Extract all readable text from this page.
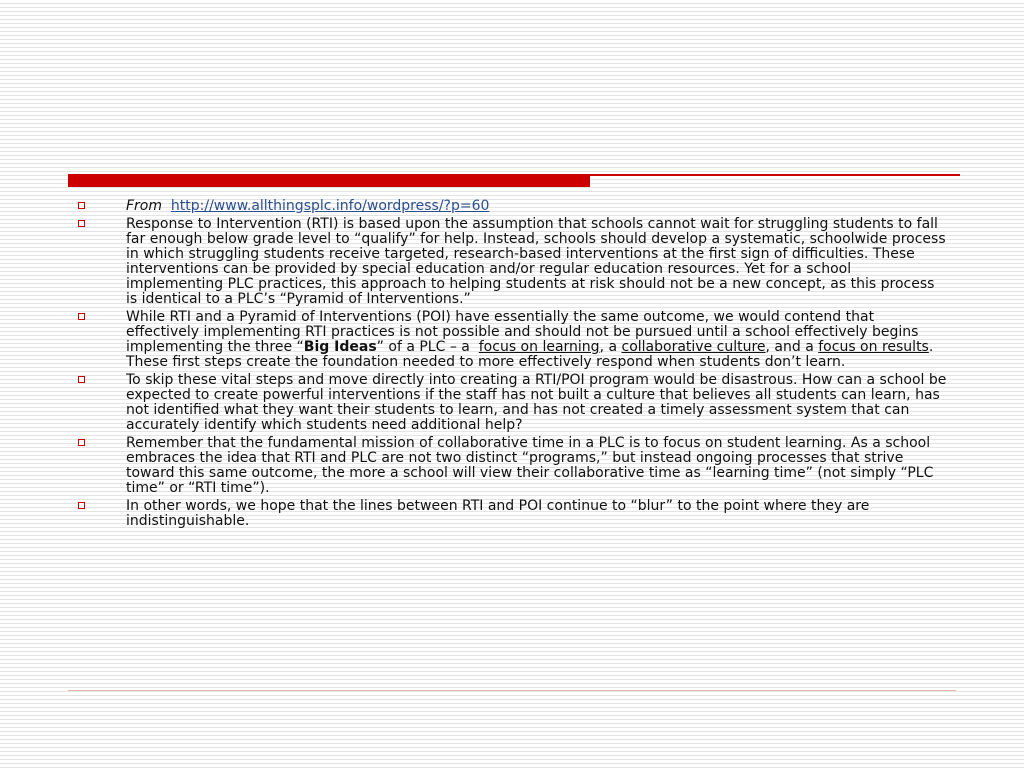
From http://www.allthingsplc.info/wordpress/?p=60
Response to Intervention (RTI) is based upon the assumption that schools cannot wait for struggling students to fall far enough below grade level to “qualify” for help. Instead, schools should develop a systematic, schoolwide process in which struggling students receive targeted, research-based interventions at the first sign of difficulties. These interventions can be provided by special education and/or regular education resources. Yet for a school implementing PLC practices, this approach to helping students at risk should not be a new concept, as this process is identical to a PLC’s “Pyramid of Interventions.”
While RTI and a Pyramid of Interventions (POI) have essentially the same outcome, we would contend that effectively implementing RTI practices is not possible and should not be pursued until a school effectively begins implementing the three “Big Ideas” of a PLC – a  focus on learning, a collaborative culture, and a focus on results. These first steps create the foundation needed to more effectively respond when students don’t learn.
To skip these vital steps and move directly into creating a RTI/POI program would be disastrous. How can a school be expected to create powerful interventions if the staff has not built a culture that believes all students can learn, has not identified what they want their students to learn, and has not created a timely assessment system that can accurately identify which students need additional help?
Remember that the fundamental mission of collaborative time in a PLC is to focus on student learning. As a school embraces the idea that RTI and PLC are not two distinct “programs,” but instead ongoing processes that strive toward this same outcome, the more a school will view their collaborative time as “learning time” (not simply “PLC time” or “RTI time”).
In other words, we hope that the lines between RTI and POI continue to “blur” to the point where they are indistinguishable.
